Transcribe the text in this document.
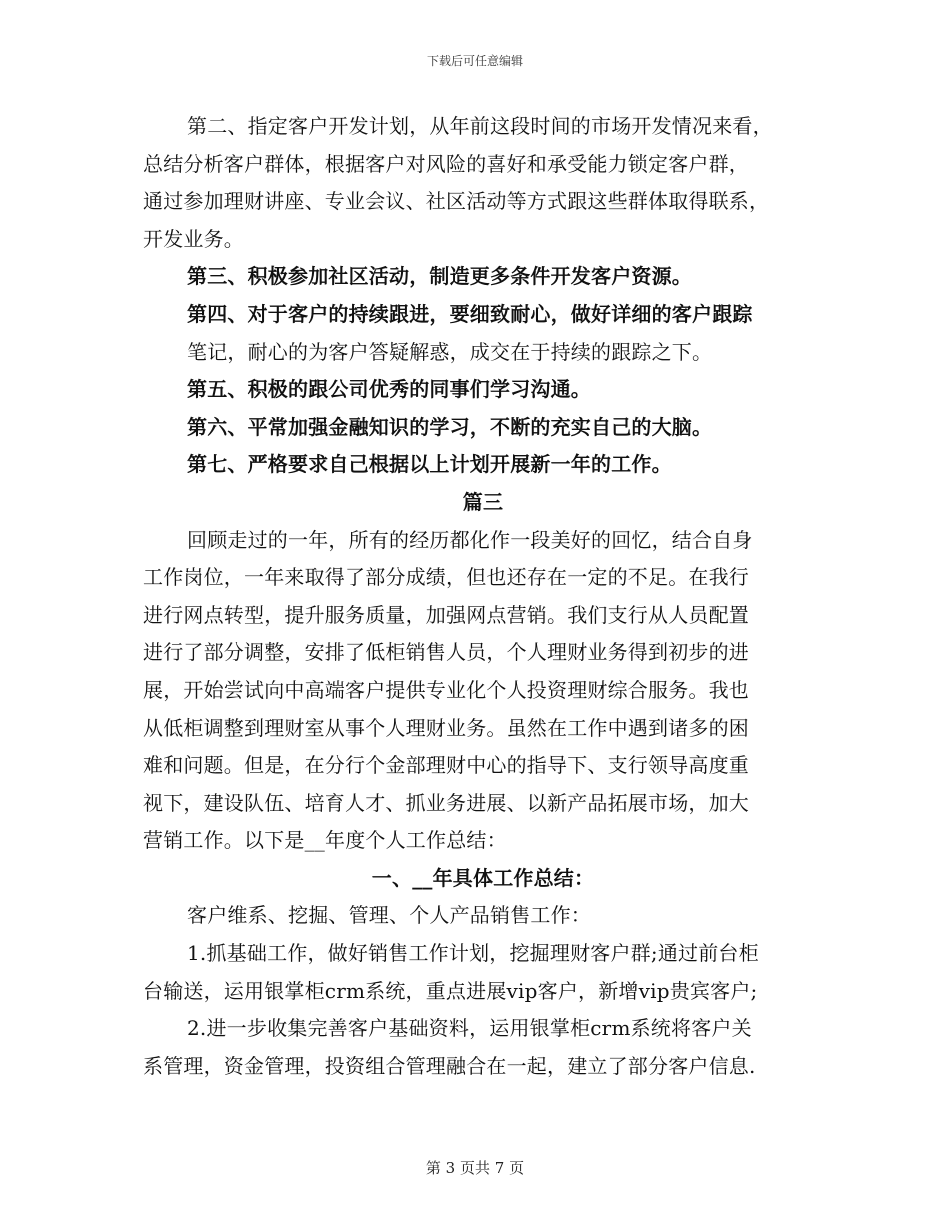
下载后可任意编辑
第二、指定客户开发计划，从年前这段时间的市场开发情况来看，
总结分析客户群体，根据客户对风险的喜好和承受能力锁定客户群，
通过参加理财讲座、专业会议、社区活动等方式跟这些群体取得联系，
开发业务。
第三、积极参加社区活动，制造更多条件开发客户资源。
第四、对于客户的持续跟进，要细致耐心，做好详细的客户跟踪
笔记，耐心的为客户答疑解惑，成交在于持续的跟踪之下。
第五、积极的跟公司优秀的同事们学习沟通。
第六、平常加强金融知识的学习，不断的充实自己的大脑。
第七、严格要求自己根据以上计划开展新一年的工作。
篇三
回顾走过的一年，所有的经历都化作一段美好的回忆，结合自身
工作岗位，一年来取得了部分成绩，但也还存在一定的不足。在我行
进行网点转型，提升服务质量，加强网点营销。我们支行从人员配置
进行了部分调整，安排了低柜销售人员，个人理财业务得到初步的进
展，开始尝试向中高端客户提供专业化个人投资理财综合服务。我也
从低柜调整到理财室从事个人理财业务。虽然在工作中遇到诸多的困
难和问题。但是，在分行个金部理财中心的指导下、支行领导高度重
视下，建设队伍、培育人才、抓业务进展、以新产品拓展市场，加大
营销工作。以下是__年度个人工作总结：
一、__年具体工作总结：
客户维系、挖掘、管理、个人产品销售工作：
1.抓基础工作，做好销售工作计划，挖掘理财客户群;通过前台柜
台输送，运用银掌柜crm系统，重点进展vip客户，新增vip贵宾客户;
2.进一步收集完善客户基础资料，运用银掌柜crm系统将客户关
系管理，资金管理，投资组合管理融合在一起，建立了部分客户信息.
第 3 页共 7 页
